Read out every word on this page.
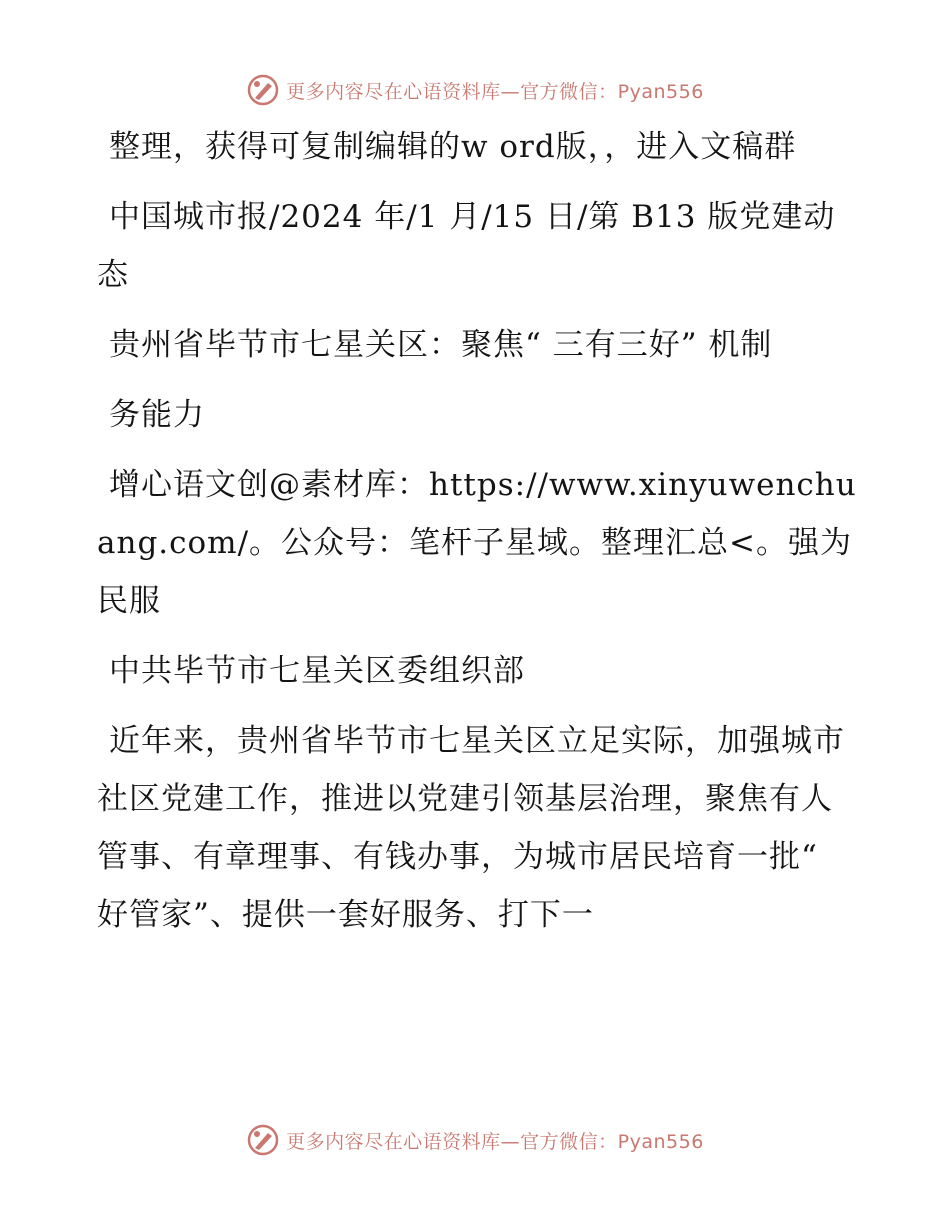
更多内容尽在心语资料库—官方微信：Pyan556

整理，获得可复制编辑的w ord版，，进入文稿群

中国城市报/2024 年/1 月/15 日/第 B13 版党建动态

贵州省毕节市七星关区：聚焦“ 三有三好” 机制

务能力

增心语文创@素材库：https://www.xinyuwenchuang.com/。公众号：笔杆子星域。整理汇总<。强为民服

中共毕节市七星关区委组织部

近年来，贵州省毕节市七星关区立足实际，加强城市社区党建工作，推进以党建引领基层治理，聚焦有人管事、有章理事、有钱办事，为城市居民培育一批“ 好管家”、提供一套好服务、打下一

更多内容尽在心语资料库—官方微信：Pyan556
